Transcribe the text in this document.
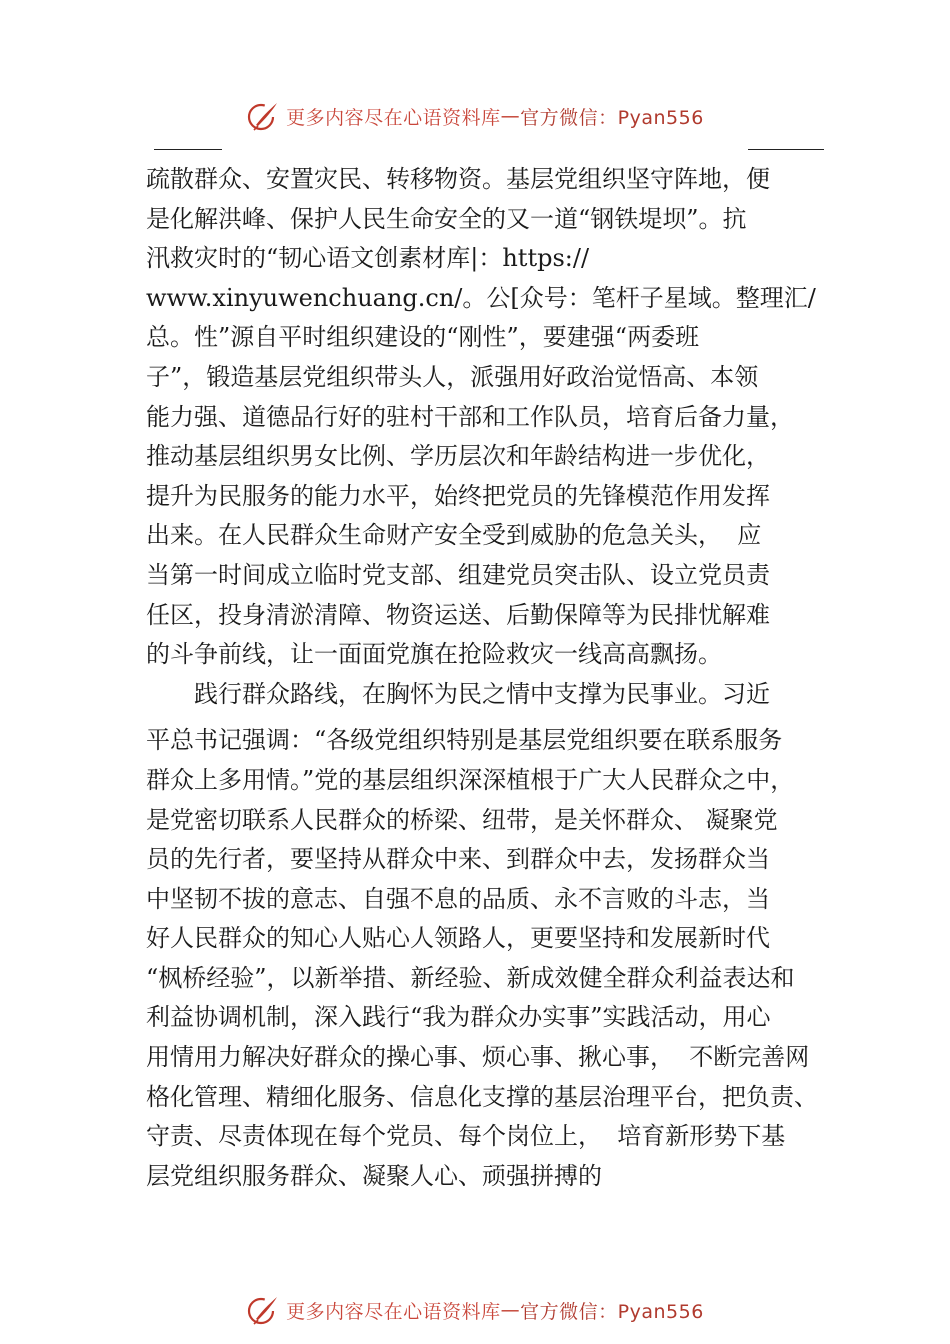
更多内容尽在心语资料库 — 官方微信：Pyan556

疏散群众、安置灾民、转移物资。基层党组织坚守阵地，便

是化解洪峰、保护人民生命安全的又一道“钢铁堤坝”。抗

汛救灾时的“韧心语文创素材库|：https://

www.xinyuwenchuang.cn/。公[众号：笔杆子星域。整理汇/

总。性”源自平时组织建设的“刚性”，要建强“两委班

子”，锻造基层党组织带头人，派强用好政治觉悟高、本领

能力强、道德品行好的驻村干部和工作队员，培育后备力量，

推动基层组织男女比例、学历层次和年龄结构进一步优化，

提升为民服务的能力水平，始终把党员的先锋模范作用发挥

出来。在人民群众生命财产安全受到威胁的危急关头，  应

当第一时间成立临时党支部、组建党员突击队、设立党员责

任区，投身清淤清障、物资运送、后勤保障等为民排忧解难

的斗争前线，让一面面党旗在抢险救灾一线高高飘扬。

践行群众路线，在胸怀为民之情中支撑为民事业。习近

平总书记强调：“各级党组织特别是基层党组织要在联系服务

群众上多用情。”党的基层组织深深植根于广大人民群众之中，

是党密切联系人民群众的桥梁、纽带，是关怀群众、 凝聚党

员的先行者，要坚持从群众中来、到群众中去，发扬群众当

中坚韧不拔的意志、自强不息的品质、永不言败的斗志，当

好人民群众的知心人贴心人领路人，更要坚持和发展新时代

“枫桥经验”，以新举措、新经验、新成效健全群众利益表达和

利益协调机制，深入践行“我为群众办实事”实践活动，用心

用情用力解决好群众的操心事、烦心事、揪心事，  不断完善网

格化管理、精细化服务、信息化支撑的基层治理平台，把负责、

守责、尽责体现在每个党员、每个岗位上，  培育新形势下基

层党组织服务群众、凝聚人心、顽强拼搏的

更多内容尽在心语资料库 — 官方微信：Pyan556
